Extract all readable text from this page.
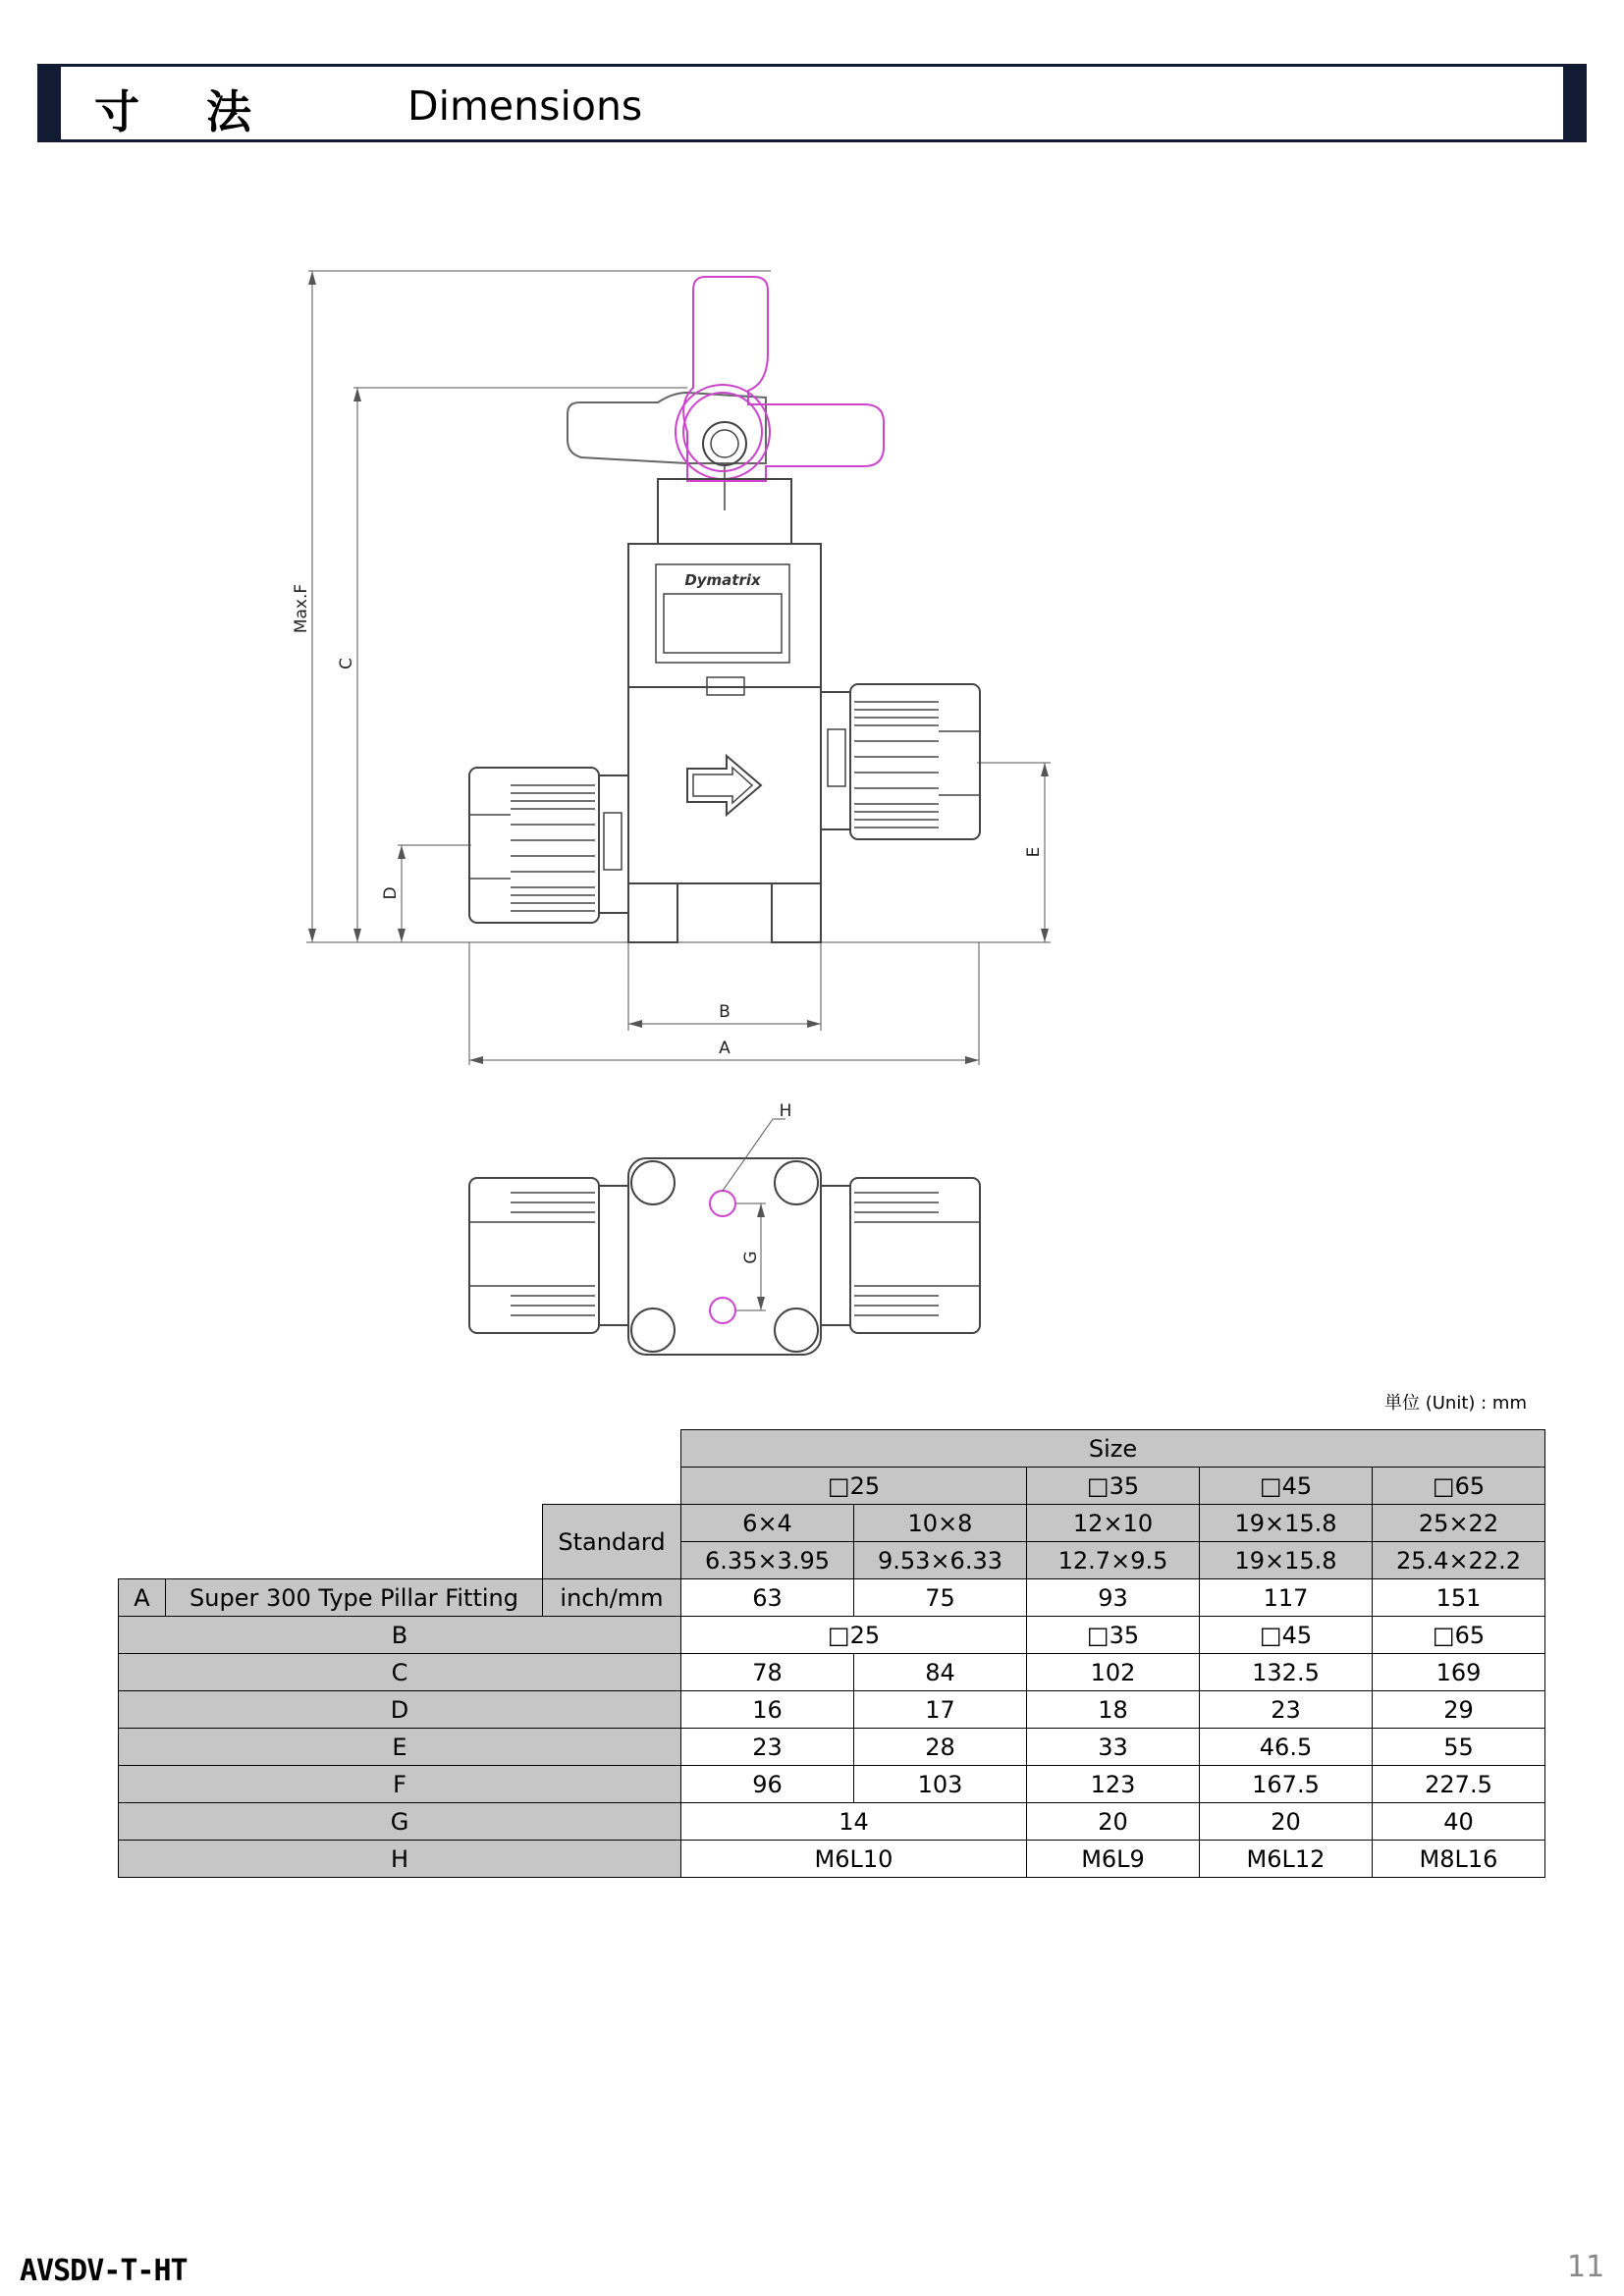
寸 法	Dimensions
Dymatrix
Max.F
C
D
E
B
A
H
G
単位 (Unit) : mm
			Size				
			□25		□35	□45	□65
		Standard	6×4	10×8	12×10	19×15.8	25×22
			6.35×3.95	9.53×6.33	12.7×9.5	19×15.8	25.4×22.2
A	Super 300 Type Pillar Fitting	inch/mm	63	75	93	117	151
B			□25		□35	□45	□65
C			78	84	102	132.5	169
D			16	17	18	23	29
E			23	28	33	46.5	55
F			96	103	123	167.5	227.5
G			14		20	20	40
H			M6L10		M6L9	M6L12	M8L16
AVSDV-T-HT	11
